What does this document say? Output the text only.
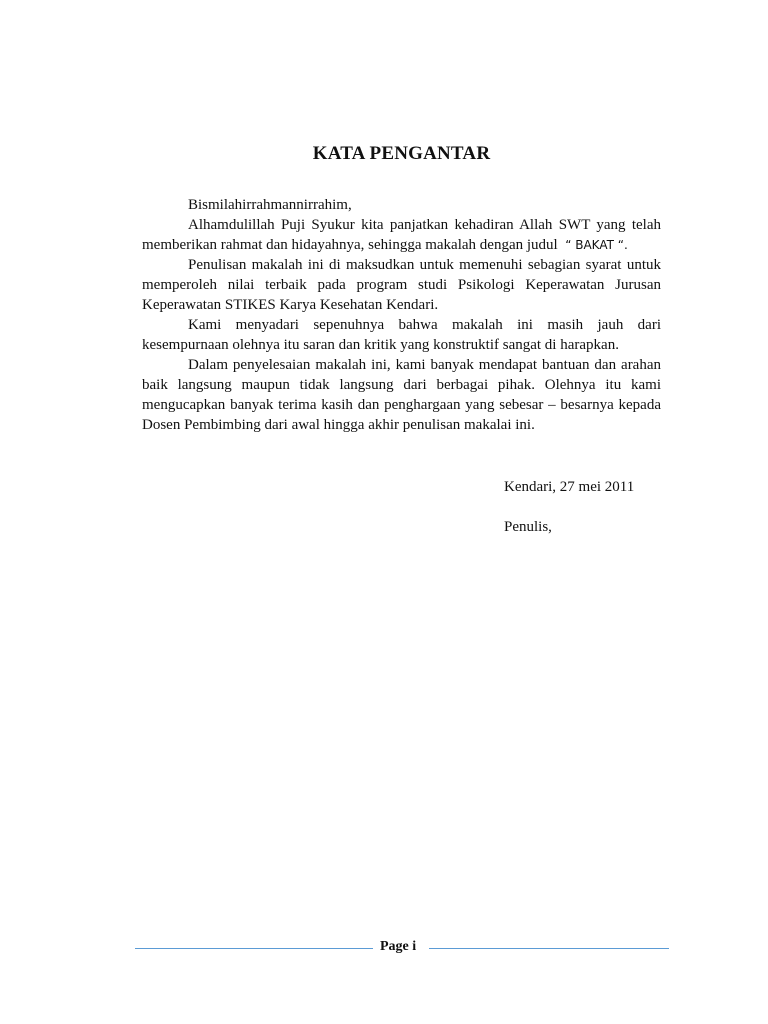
KATA PENGANTAR

Bismilahirrahmannirrahim,

Alhamdulillah Puji Syukur kita panjatkan kehadiran Allah SWT yang telah memberikan rahmat dan hidayahnya, sehingga makalah dengan judul “ BAKAT “.

Penulisan makalah ini di maksudkan untuk memenuhi sebagian syarat untuk memperoleh nilai terbaik pada program studi Psikologi Keperawatan Jurusan Keperawatan STIKES Karya Kesehatan Kendari.

Kami menyadari sepenuhnya bahwa makalah ini masih jauh dari kesempurnaan olehnya itu saran dan kritik yang konstruktif sangat di harapkan.

Dalam penyelesaian makalah ini, kami banyak mendapat bantuan dan arahan baik langsung maupun tidak langsung dari berbagai pihak. Olehnya itu kami mengucapkan banyak terima kasih dan penghargaan yang sebesar – besarnya kepada Dosen Pembimbing dari awal hingga akhir penulisan makalai ini.

Kendari, 27 mei 2011
Penulis,
Page i
